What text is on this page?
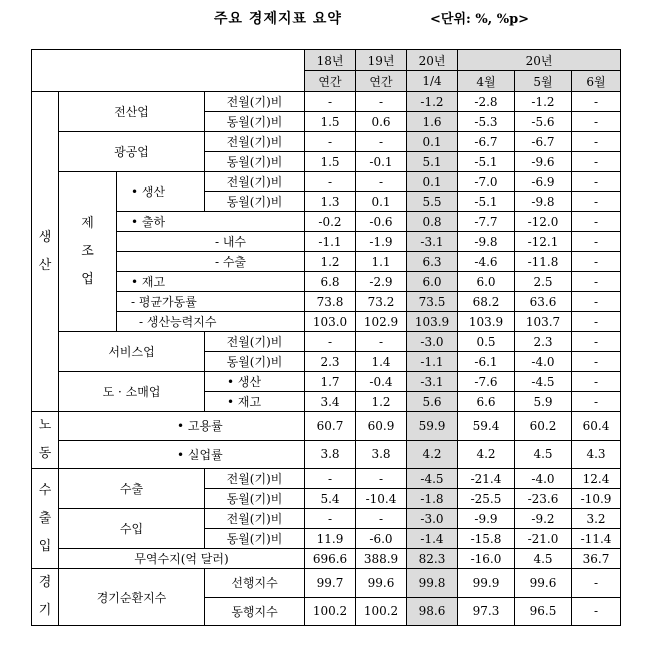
주요 경제지표 요약	<단위: %, %p>
				18년	19년	20년	20년		
				연간	연간	1/4	4월	5월	6월
생
산	전산업		전월(기)비	-	-	-1.2	-2.8	-1.2	-
			동월(기)비	1.5	0.6	1.6	-5.3	-5.6	-
	광공업		전월(기)비	-	-	0.1	-6.7	-6.7	-
			동월(기)비	1.5	-0.1	5.1	-5.1	-9.6	-
	제
조
업	• 생산	전월(기)비	-	-	0.1	-7.0	-6.9	-
			동월(기)비	1.3	0.1	5.5	-5.1	-9.8	-
		• 출하		-0.2	-0.6	0.8	-7.7	-12.0	-
		- 내수		-1.1	-1.9	-3.1	-9.8	-12.1	-
		- 수출		1.2	1.1	6.3	-4.6	-11.8	-
		• 재고		6.8	-2.9	6.0	6.0	2.5	-
		- 평균가동률		73.8	73.2	73.5	68.2	63.6	-
		- 생산능력지수		103.0	102.9	103.9	103.9	103.7	-
	서비스업		전월(기)비	-	-	-3.0	0.5	2.3	-
			동월(기)비	2.3	1.4	-1.1	-6.1	-4.0	-
	도 · 소매업		• 생산	1.7	-0.4	-3.1	-7.6	-4.5	-
			• 재고	3.4	1.2	5.6	6.6	5.9	-
노
동	• 고용률			60.7	60.9	59.9	59.4	60.2	60.4
	• 실업률			3.8	3.8	4.2	4.2	4.5	4.3
수
출
입	수출		전월(기)비	-	-	-4.5	-21.4	-4.0	12.4
			동월(기)비	5.4	-10.4	-1.8	-25.5	-23.6	-10.9
	수입		전월(기)비	-	-	-3.0	-9.9	-9.2	3.2
			동월(기)비	11.9	-6.0	-1.4	-15.8	-21.0	-11.4
	무역수지(억 달러)			696.6	388.9	82.3	-16.0	4.5	36.7
경
기	경기순환지수		선행지수	99.7	99.6	99.8	99.9	99.6	-
			동행지수	100.2	100.2	98.6	97.3	96.5	-
